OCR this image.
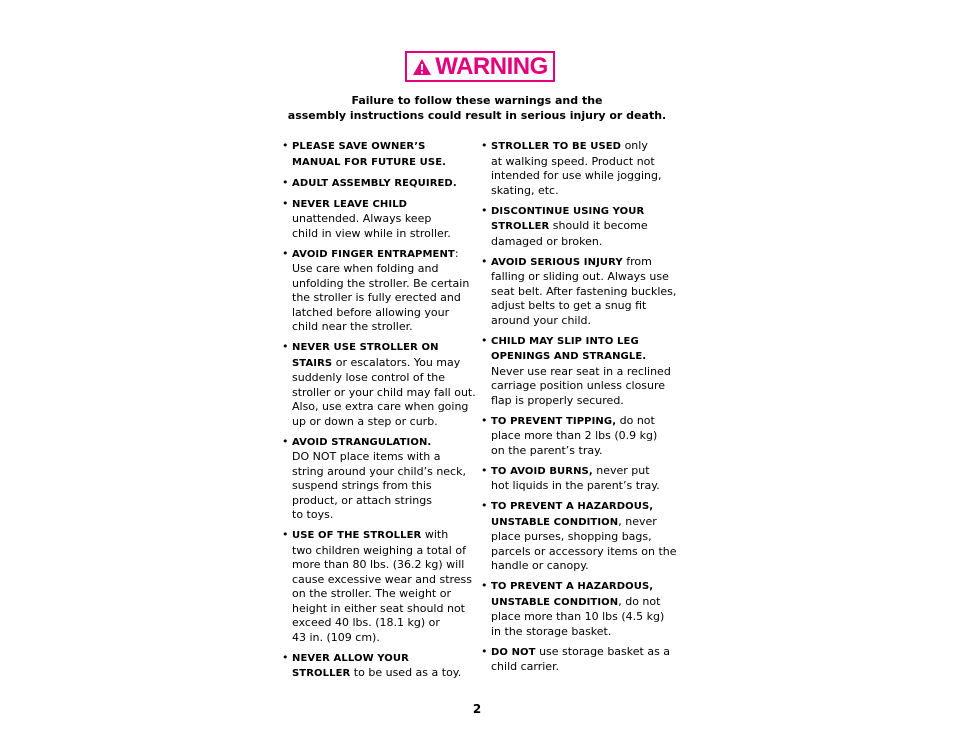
WARNING
Failure to follow these warnings and the
assembly instructions could result in serious injury or death.
• PLEASE SAVE OWNER’S
MANUAL FOR FUTURE USE.
• ADULT ASSEMBLY REQUIRED.
• NEVER LEAVE CHILD
unattended. Always keep
child in view while in stroller.
• AVOID FINGER ENTRAPMENT:
Use care when folding and
unfolding the stroller. Be certain
the stroller is fully erected and
latched before allowing your
child near the stroller.
• NEVER USE STROLLER ON
STAIRS or escalators. You may
suddenly lose control of the
stroller or your child may fall out.
Also, use extra care when going
up or down a step or curb.
• AVOID STRANGULATION.
DO NOT place items with a
string around your child’s neck,
suspend strings from this
product, or attach strings
to toys.
• USE OF THE STROLLER with
two children weighing a total of
more than 80 lbs. (36.2 kg) will
cause excessive wear and stress
on the stroller. The weight or
height in either seat should not
exceed 40 lbs. (18.1 kg) or
43 in. (109 cm).
• NEVER ALLOW YOUR
STROLLER to be used as a toy.
• STROLLER TO BE USED only
at walking speed. Product not
intended for use while jogging,
skating, etc.
• DISCONTINUE USING YOUR
STROLLER should it become
damaged or broken.
• AVOID SERIOUS INJURY from
falling or sliding out. Always use
seat belt. After fastening buckles,
adjust belts to get a snug fit
around your child.
• CHILD MAY SLIP INTO LEG
OPENINGS AND STRANGLE.
Never use rear seat in a reclined
carriage position unless closure
flap is properly secured.
• TO PREVENT TIPPING, do not
place more than 2 lbs (0.9 kg)
on the parent’s tray.
• TO AVOID BURNS, never put
hot liquids in the parent’s tray.
• TO PREVENT A HAZARDOUS,
UNSTABLE CONDITION, never
place purses, shopping bags,
parcels or accessory items on the
handle or canopy.
• TO PREVENT A HAZARDOUS,
UNSTABLE CONDITION, do not
place more than 10 lbs (4.5 kg)
in the storage basket.
• DO NOT use storage basket as a
child carrier.
2
